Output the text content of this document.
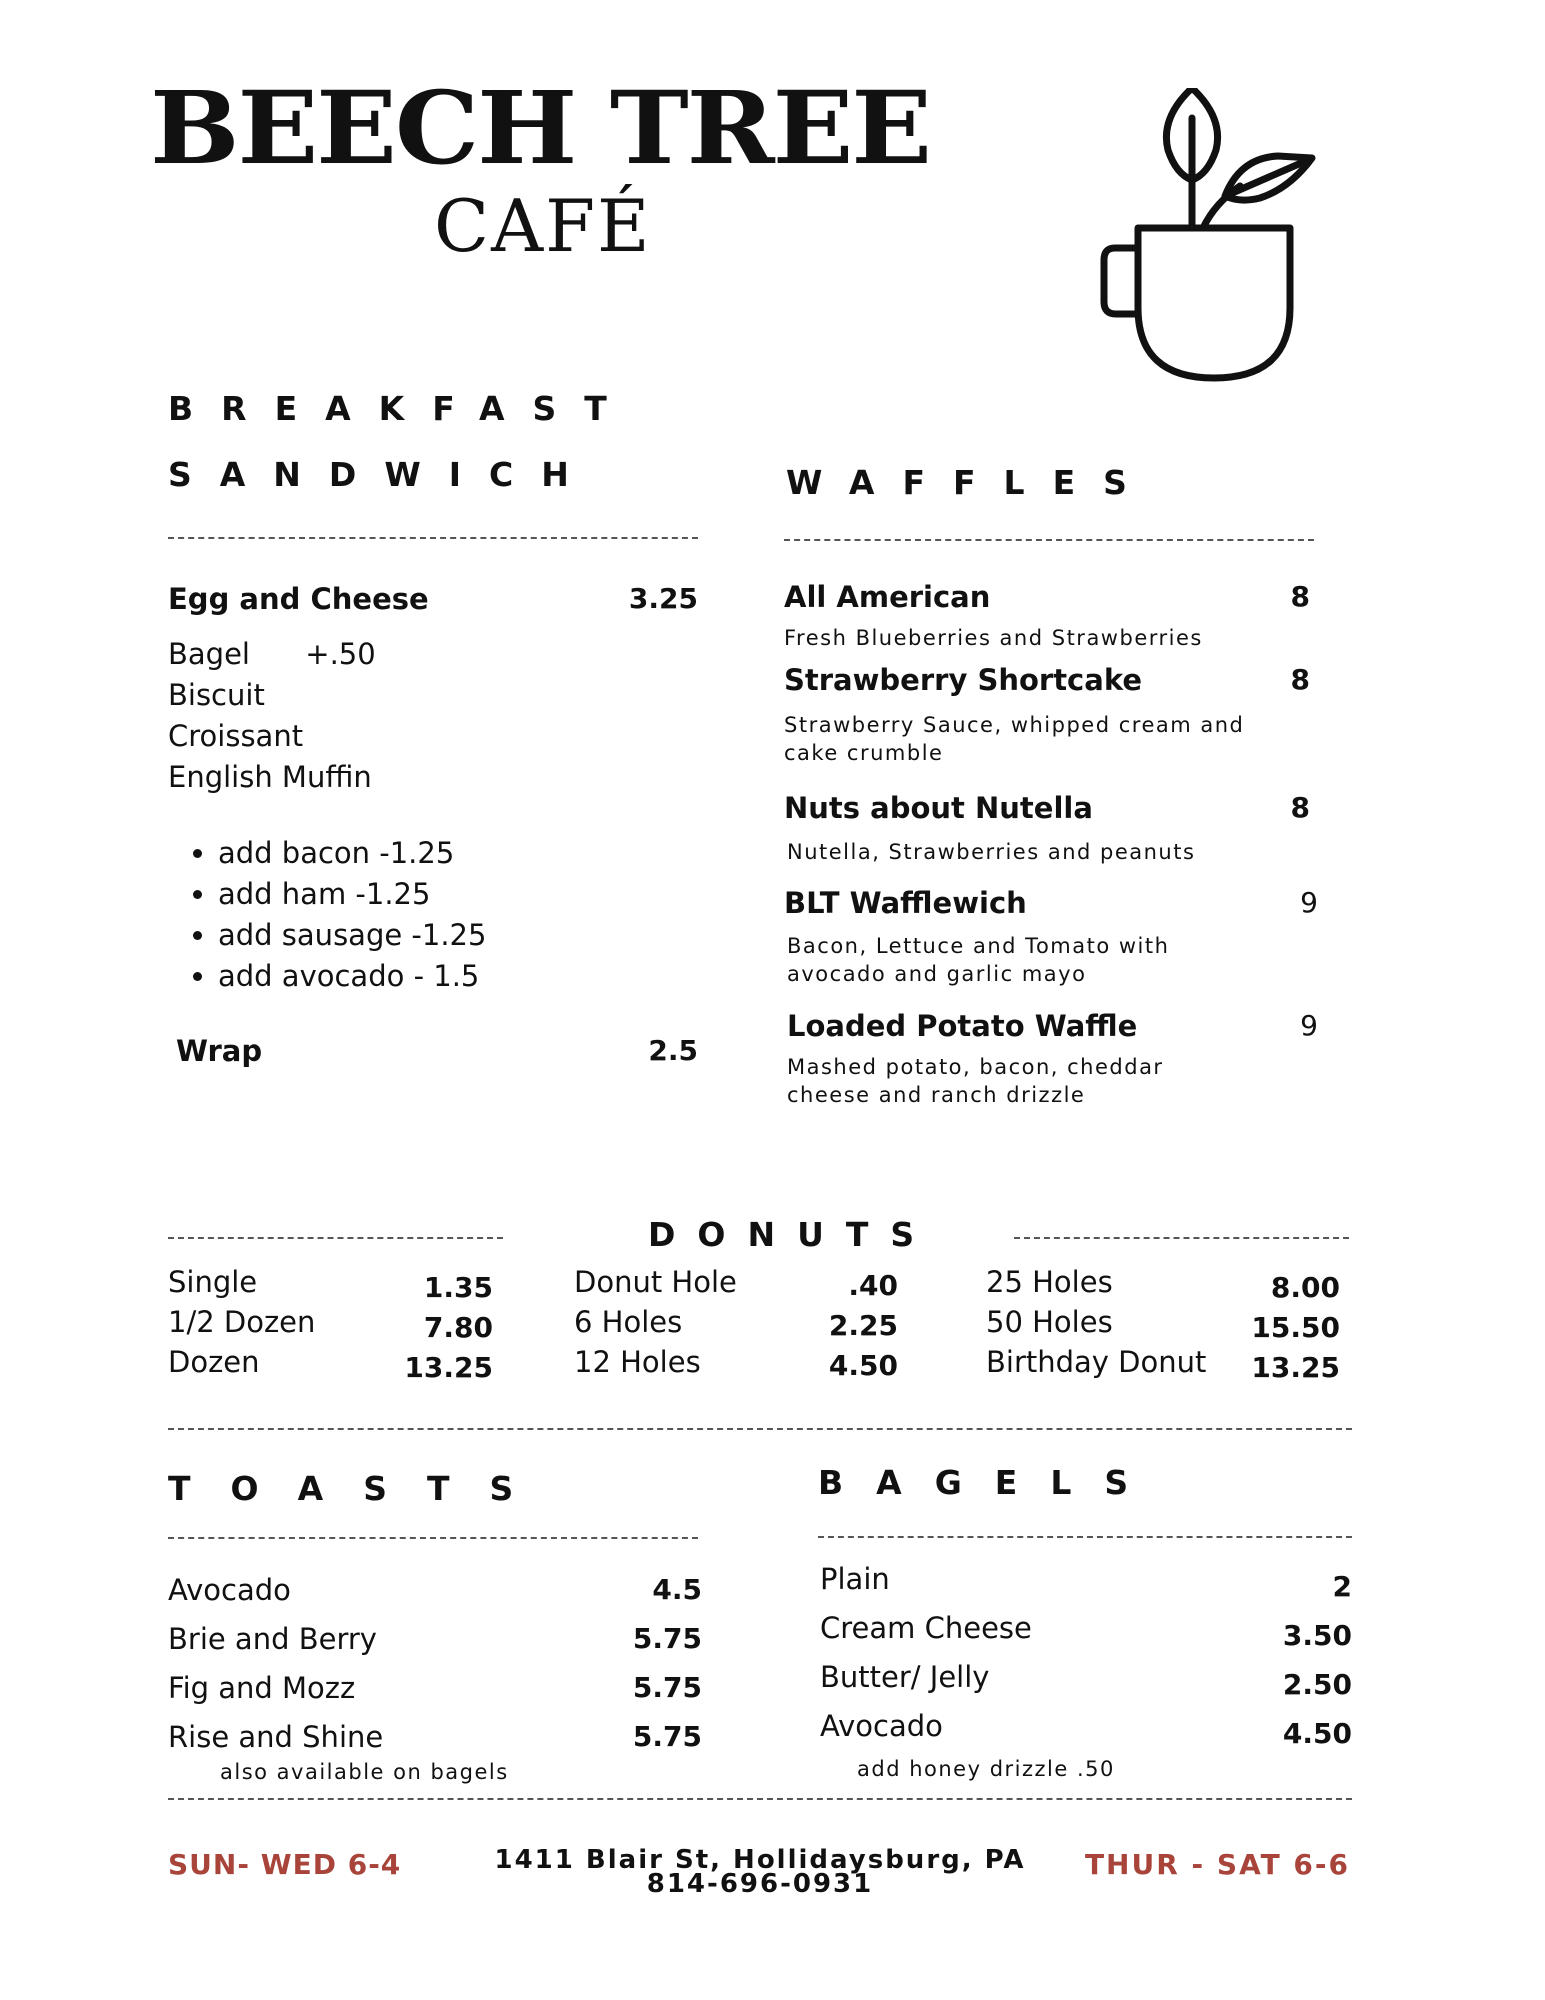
BEECH TREE
CAFÉ
BREAKFAST
SANDWICH
Egg and Cheese	3.25
Bagel      +.50
Biscuit
Croissant
English Muffin
• add bacon -1.25
• add ham -1.25
• add sausage -1.25
• add avocado - 1.5
Wrap	2.5
WAFFLES
All American	8
Fresh Blueberries and Strawberries
Strawberry Shortcake	8
Strawberry Sauce, whipped cream and cake crumble
Nuts about Nutella	8
Nutella, Strawberries and peanuts
BLT Wafflewich	9
Bacon, Lettuce and Tomato with avocado and garlic mayo
Loaded Potato Waffle	9
Mashed potato, bacon, cheddar cheese and ranch drizzle
DONUTS
Single	1.35
1/2 Dozen	7.80
Dozen	13.25
Donut Hole	.40
6 Holes	2.25
12 Holes	4.50
25 Holes	8.00
50 Holes	15.50
Birthday Donut 13.25
TOASTS
Avocado	4.5
Brie and Berry	5.75
Fig and Mozz	5.75
Rise and Shine	5.75
also available on bagels
BAGELS
Plain	2
Cream Cheese	3.50
Butter/ Jelly	2.50
Avocado	4.50
add honey drizzle .50
SUN- WED 6-4	1411 Blair St, Hollidaysburg, PA
814-696-0931
THUR - SAT 6-6
